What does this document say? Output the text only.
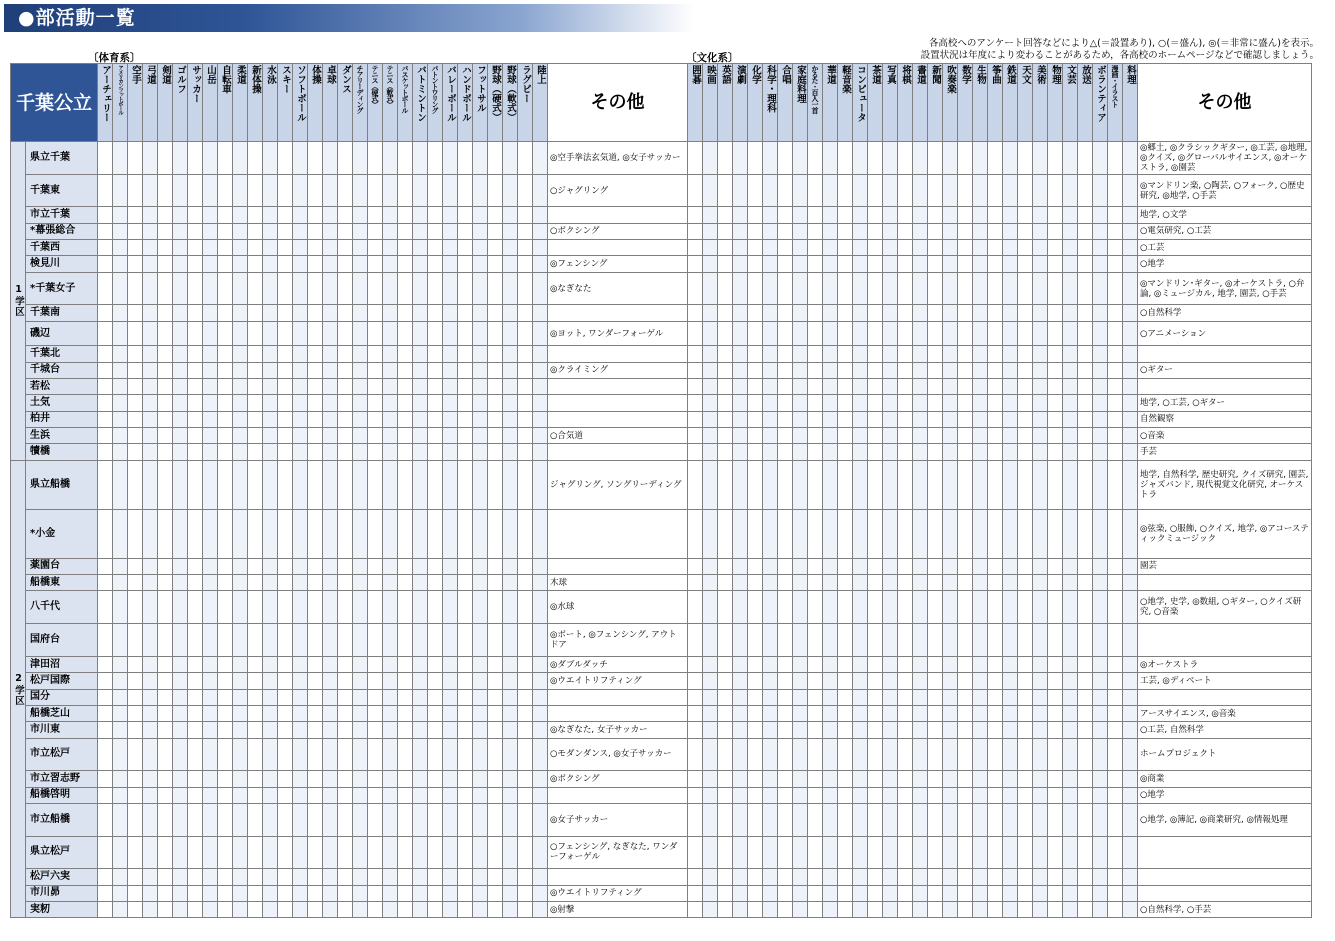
●部活動一覧
各高校へのアンケート回答などにより△(＝設置あり), ○(＝盛ん), ◎(＝非常に盛ん)を表示。
設置状況は年度により変わることがあるため，各高校のホームページなどで確認しましょう。
〔体育系〕	〔文化系〕
千葉公立		アーチェリー	アメリカンフットボール	空手	弓道	剣道	ゴルフ	サッカー	山岳	自転車	柔道	新体操	水泳	スキー	ソフトボール	体操	卓球	ダンス	チアリーディング	テニス（硬式）	テニス（軟式）	バスケットボール	バトミントン	バトントワリング	バレーボール	ハンドボール	フットサル	野球（硬式）	野球（軟式）	ラグビー	陸上	その他	囲碁	映画	英語	演劇	化学	科学・理科	合唱	家庭料理	かるた・百人一首	華道	軽音楽	コンピュータ	茶道	写真	将棋	書道	新聞	吹奏楽	数学	生物	筝曲	鉄道	天文	美術	物理	文芸	放送	ボランティア	漫画・イラスト	料理	その他
1学区	県立千葉																															◎空手拳法玄気道, ◎女子サッカー																															◎郷土, ◎クラシックギター, ◎工芸, ◎地理, ◎クイズ, ◎グローバルサイエンス, ◎オーケストラ, ◎園芸
	千葉東																															○ジャグリング																															◎マンドリン楽, ○陶芸, ○フォーク, ○歴史研究, ◎地学, ○手芸
	市立千葉																																																														地学, ○文学
	*幕張総合																															○ボクシング																															○電気研究, ○工芸
	千葉西																																																														○工芸
	検見川																															◎フェンシング																															○地学
	*千葉女子																															◎なぎなた																															◎マンドリン･ギター, ◎オーケストラ, ○弁論, ◎ミュージカル, 地学, 園芸, ○手芸
	千葉南																																																														○自然科学
	磯辺																															◎ヨット, ワンダーフォーゲル																															○アニメーション
	千葉北																																																														
	千城台																															◎クライミング																															○ギター
	若松																																																														
	土気																																																														地学, ○工芸, ○ギター
	柏井																																																														自然観察
	生浜																															○合気道																															○音楽
	犢橋																																																														手芸
2学区	県立船橋																															ジャグリング, ソングリーディング																															地学, 自然科学, 歴史研究, クイズ研究, 園芸, ジャズバンド, 現代視覚文化研究, オーケストラ
	*小金																																																														◎弦楽, ○服飾, ○クイズ, 地学, ◎アコースティックミュージック
	薬園台																																																														園芸
	船橋東																															木球																															
	八千代																															◎水球																															○地学, 史学, ◎数組, ○ギター, ○クイズ研究, ○音楽
	国府台																															◎ボート, ◎フェンシング, アウトドア																															
	津田沼																															◎ダブルダッチ																															◎オーケストラ
	松戸国際																															◎ウエイトリフティング																															工芸, ◎ディベート
	国分																																																														
	船橋芝山																																																														アースサイエンス, ◎音楽
	市川東																															◎なぎなた, 女子サッカー																															○工芸, 自然科学
	市立松戸																															○モダンダンス, ◎女子サッカー																															ホームプロジェクト
	市立習志野																															◎ボクシング																															◎商業
	船橋啓明																																																														○地学
	市立船橋																															◎女子サッカー																															○地学, ◎簿記, ◎商業研究, ◎情報処理
	県立松戸																															○フェンシング, なぎなた, ワンダーフォーゲル																															
	松戸六実																																																														
	市川昴																															◎ウエイトリフティング																															
	実籾																															◎射撃																															○自然科学, ○手芸
